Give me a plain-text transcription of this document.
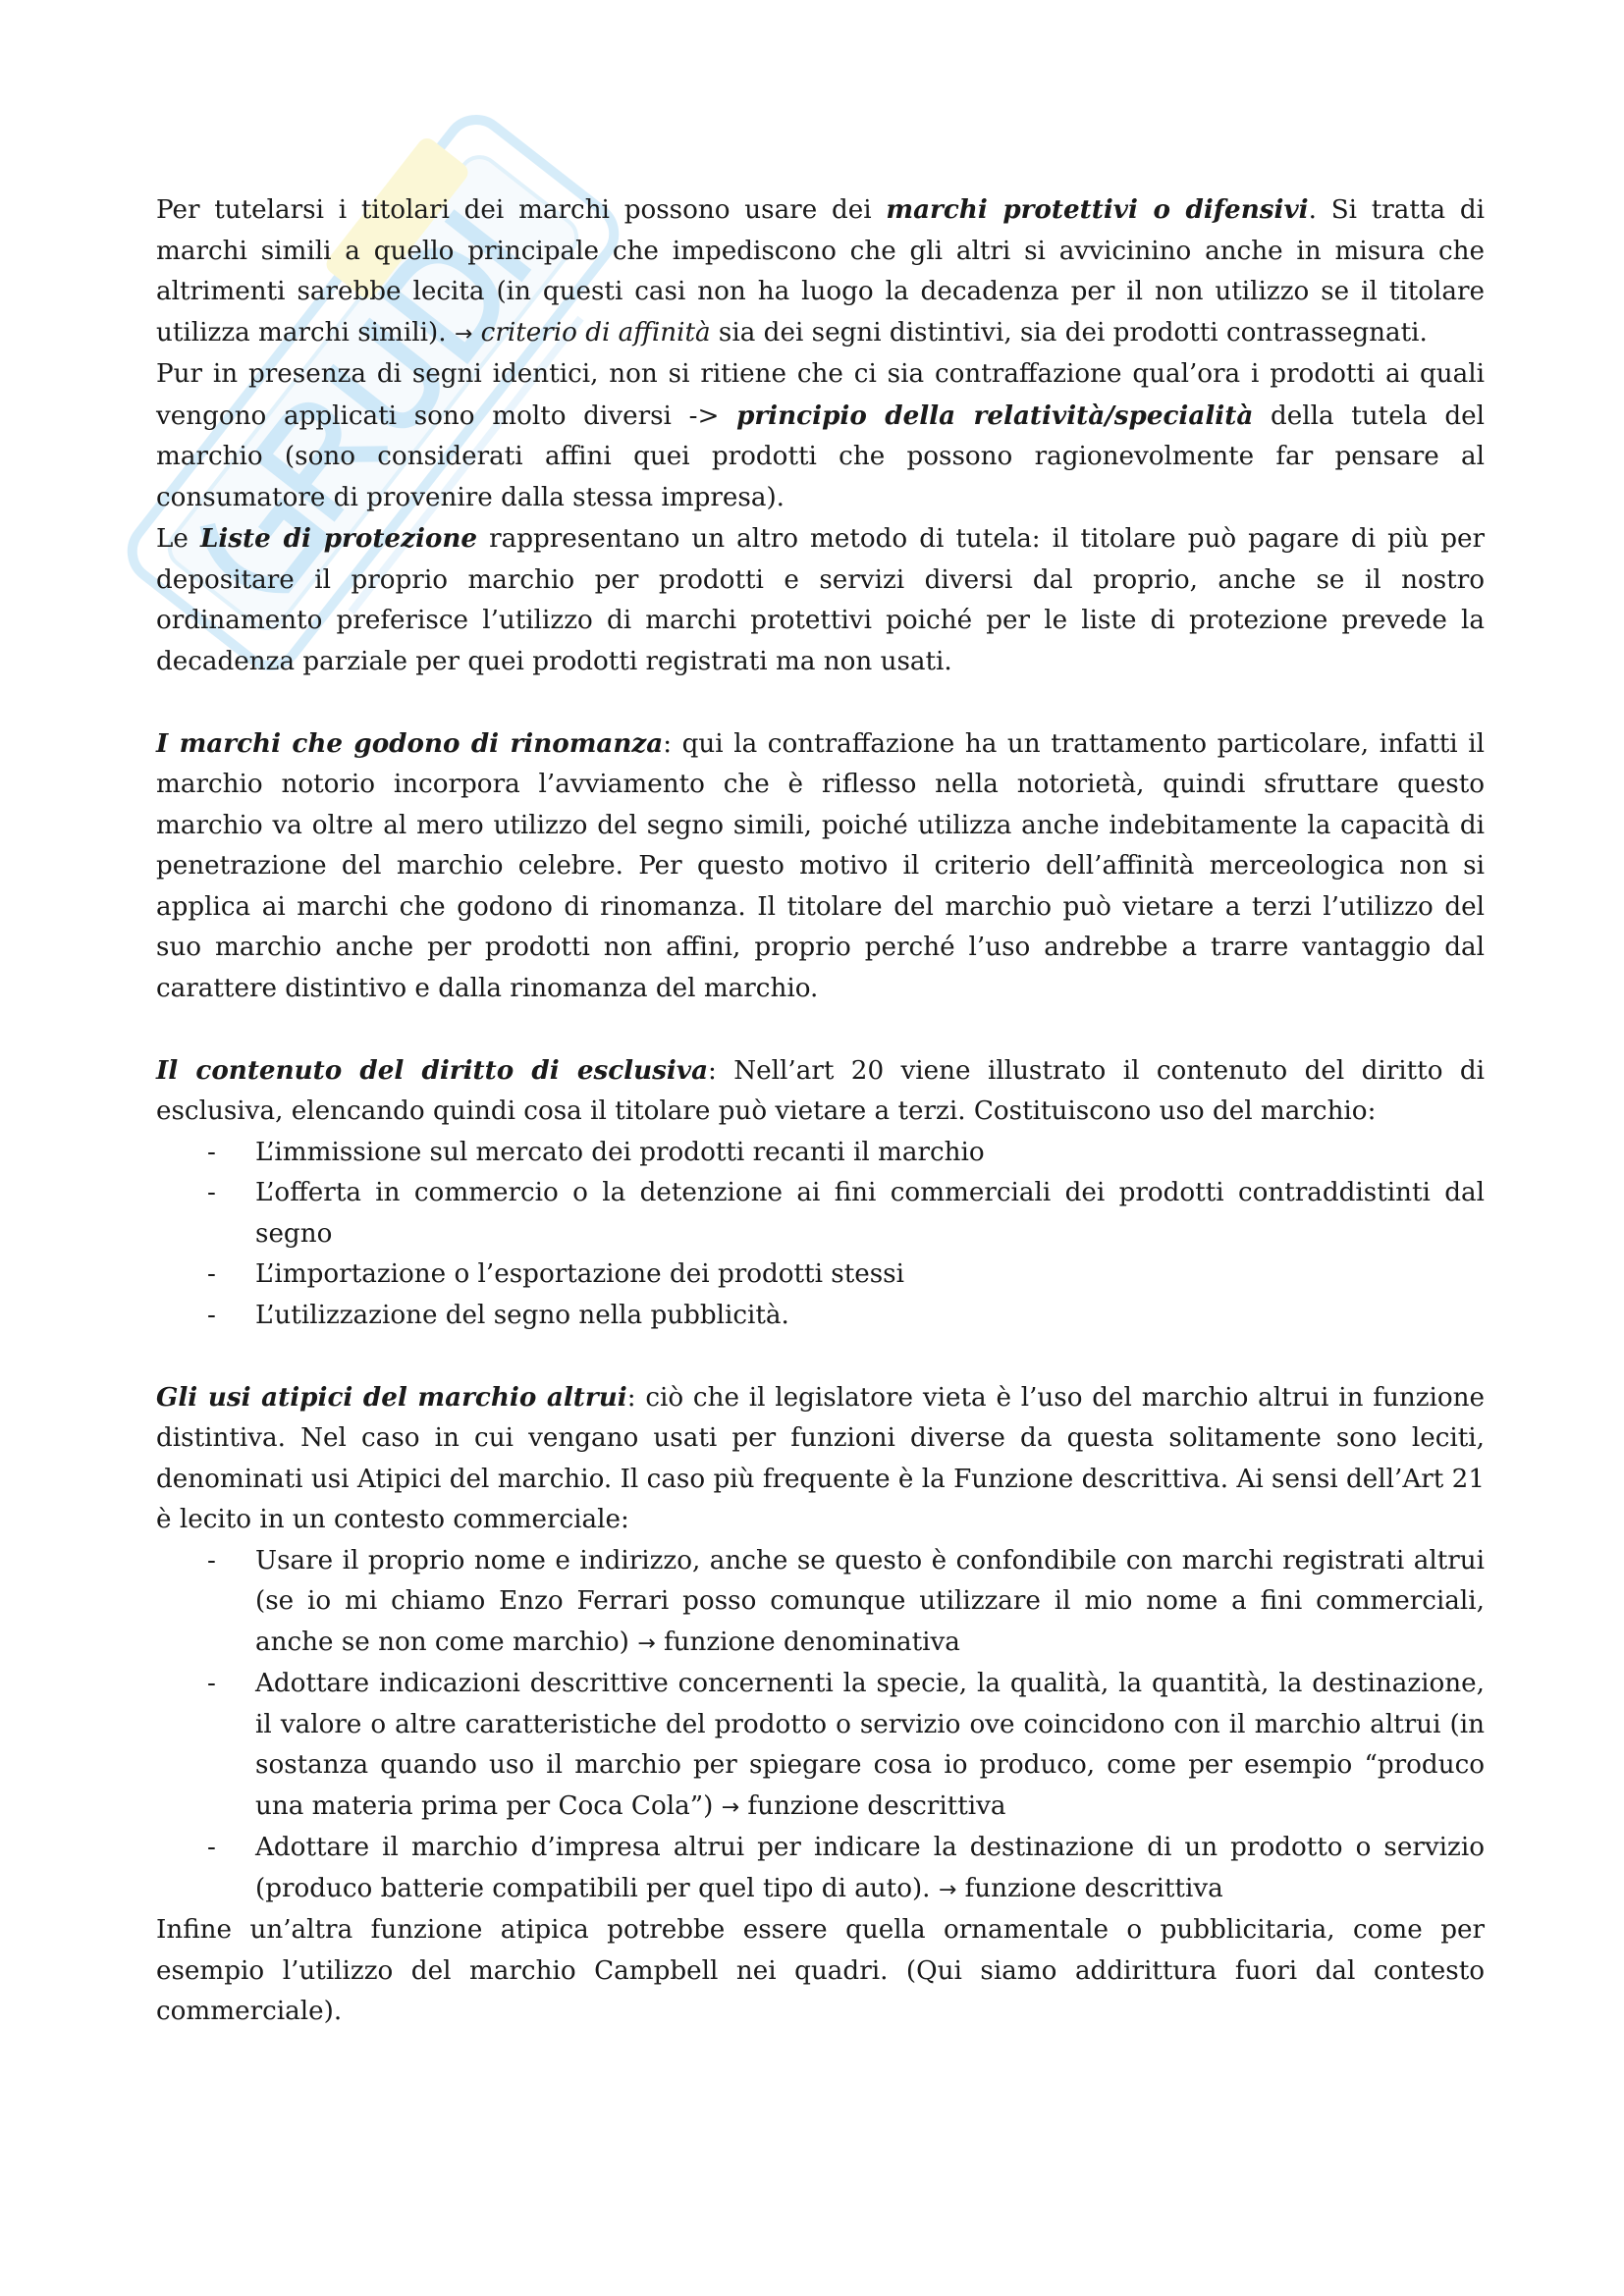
Per tutelarsi i titolari dei marchi possono usare dei marchi protettivi o difensivi. Si tratta di marchi simili a quello principale che impediscono che gli altri si avvicinino anche in misura che altrimenti sarebbe lecita (in questi casi non ha luogo la decadenza per il non utilizzo se il titolare utilizza marchi simili). → criterio di affinità sia dei segni distintivi, sia dei prodotti contrassegnati.

Pur in presenza di segni identici, non si ritiene che ci sia contraffazione qual’ora i prodotti ai quali vengono applicati sono molto diversi -> principio della relatività/specialità della tutela del marchio (sono considerati affini quei prodotti che possono ragionevolmente far pensare al consumatore di provenire dalla stessa impresa).

Le Liste di protezione rappresentano un altro metodo di tutela: il titolare può pagare di più per depositare il proprio marchio per prodotti e servizi diversi dal proprio, anche se il nostro ordinamento preferisce l’utilizzo di marchi protettivi poiché per le liste di protezione prevede la decadenza parziale per quei prodotti registrati ma non usati.

I marchi che godono di rinomanza: qui la contraffazione ha un trattamento particolare, infatti il marchio notorio incorpora l’avviamento che è riflesso nella notorietà, quindi sfruttare questo marchio va oltre al mero utilizzo del segno simili, poiché utilizza anche indebitamente la capacità di penetrazione del marchio celebre. Per questo motivo il criterio dell’affinità merceologica non si applica ai marchi che godono di rinomanza. Il titolare del marchio può vietare a terzi l’utilizzo del suo marchio anche per prodotti non affini, proprio perché l’uso andrebbe a trarre vantaggio dal carattere distintivo e dalla rinomanza del marchio.

Il contenuto del diritto di esclusiva: Nell’art 20 viene illustrato il contenuto del diritto di esclusiva, elencando quindi cosa il titolare può vietare a terzi. Costituiscono uso del marchio:

- L’immissione sul mercato dei prodotti recanti il marchio
- L’offerta in commercio o la detenzione ai fini commerciali dei prodotti contraddistinti dal segno
- L’importazione o l’esportazione dei prodotti stessi
- L’utilizzazione del segno nella pubblicità.

Gli usi atipici del marchio altrui: ciò che il legislatore vieta è l’uso del marchio altrui in funzione distintiva. Nel caso in cui vengano usati per funzioni diverse da questa solitamente sono leciti, denominati usi Atipici del marchio. Il caso più frequente è la Funzione descrittiva. Ai sensi dell’Art 21 è lecito in un contesto commerciale:

- Usare il proprio nome e indirizzo, anche se questo è confondibile con marchi registrati altrui (se io mi chiamo Enzo Ferrari posso comunque utilizzare il mio nome a fini commerciali, anche se non come marchio) → funzione denominativa
- Adottare indicazioni descrittive concernenti la specie, la qualità, la quantità, la destinazione, il valore o altre caratteristiche del prodotto o servizio ove coincidono con il marchio altrui (in sostanza quando uso il marchio per spiegare cosa io produco, come per esempio “produco una materia prima per Coca Cola”) → funzione descrittiva
- Adottare il marchio d’impresa altrui per indicare la destinazione di un prodotto o servizio (produco batterie compatibili per quel tipo di auto). → funzione descrittiva

Infine un’altra funzione atipica potrebbe essere quella ornamentale o pubblicitaria, come per esempio l’utilizzo del marchio Campbell nei quadri. (Qui siamo addirittura fuori dal contesto commerciale).
